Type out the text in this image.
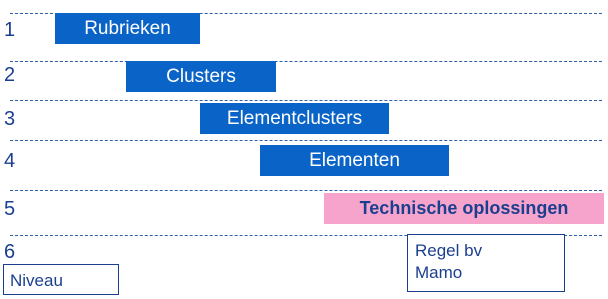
1
2
3
4
5
6
Rubrieken
Clusters
Elementclusters
Elementen
Technische oplossingen
Niveau
Regel bv
Mamo
